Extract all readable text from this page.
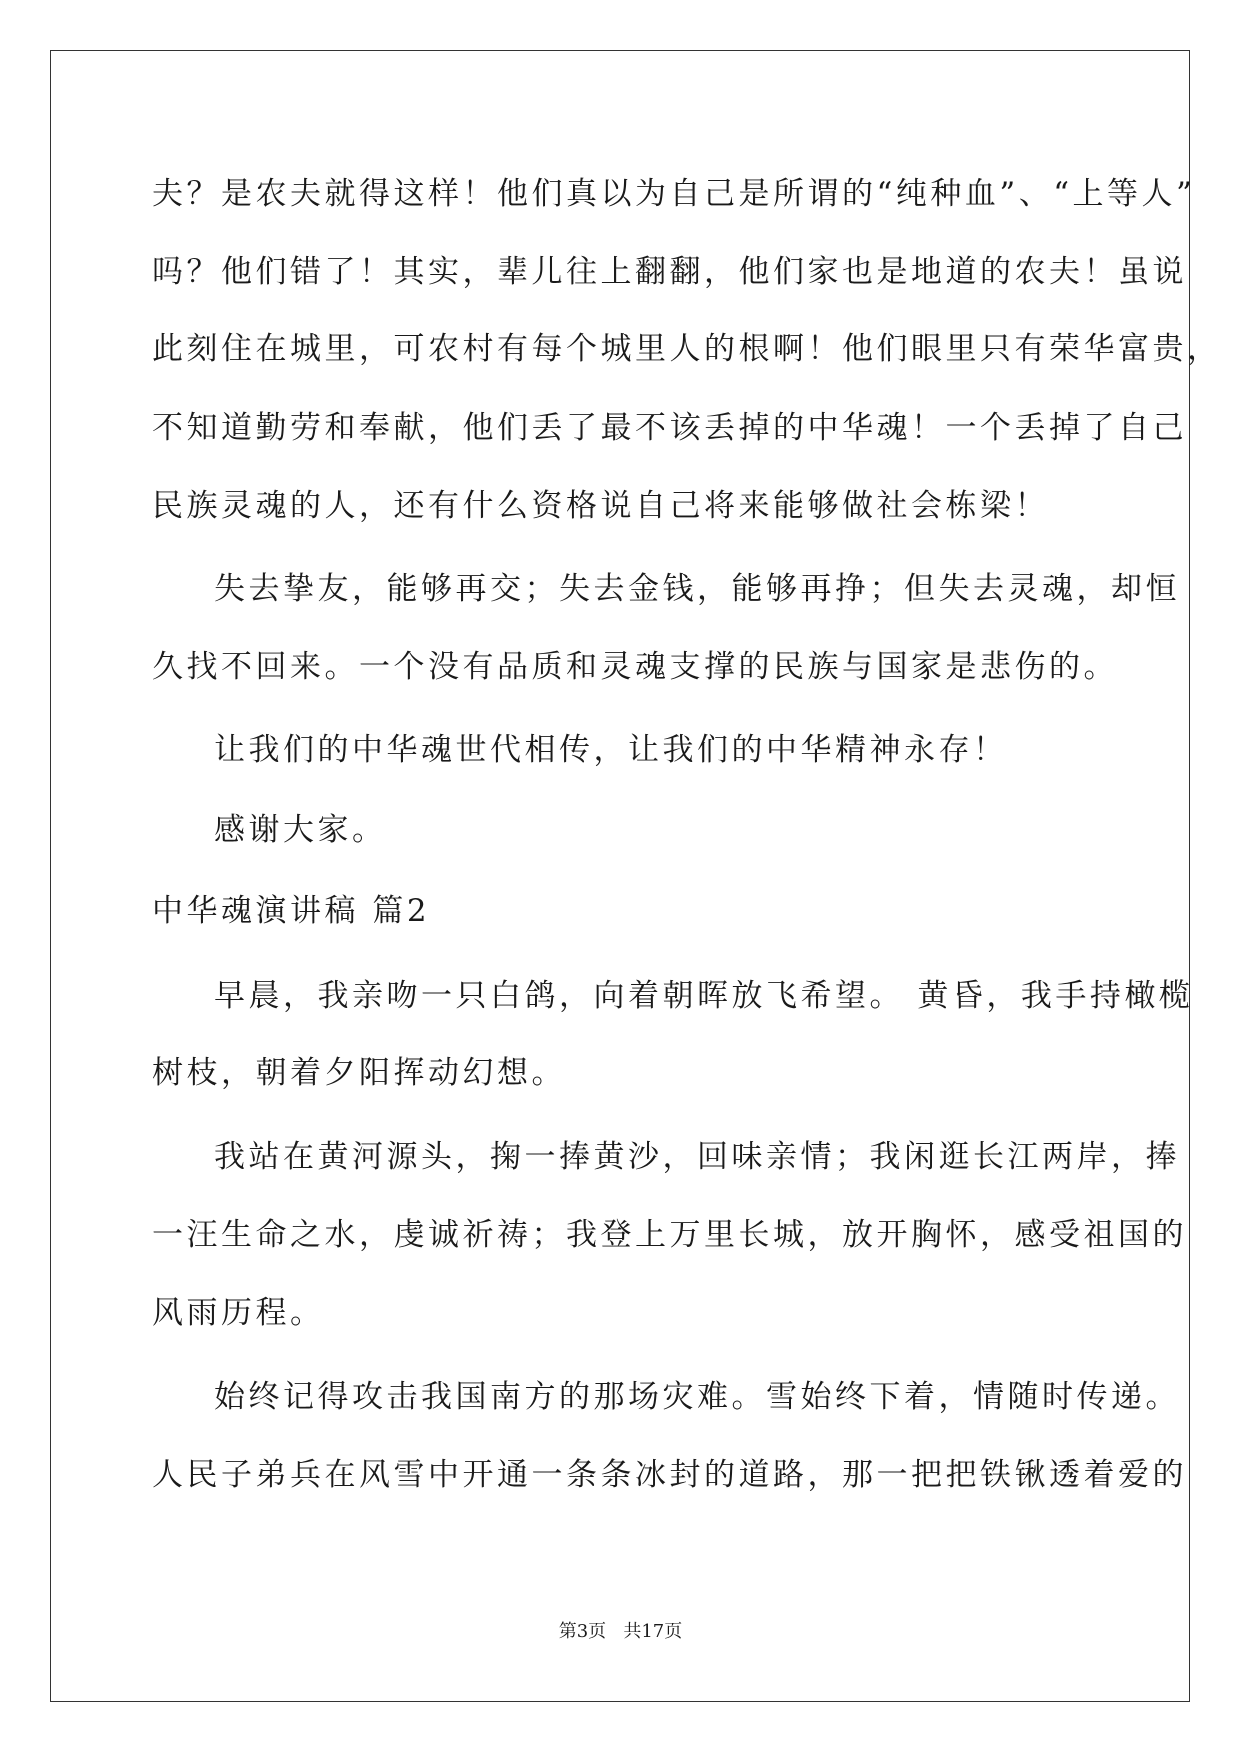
夫？是农夫就得这样！他们真以为自己是所谓的“纯种血”、“上等人”
吗？他们错了！其实，辈儿往上翻翻，他们家也是地道的农夫！虽说
此刻住在城里，可农村有每个城里人的根啊！他们眼里只有荣华富贵，
不知道勤劳和奉献，他们丢了最不该丢掉的中华魂！一个丢掉了自己
民族灵魂的人，还有什么资格说自己将来能够做社会栋梁！
失去挚友，能够再交；失去金钱，能够再挣；但失去灵魂，却恒
久找不回来。一个没有品质和灵魂支撑的民族与国家是悲伤的。
让我们的中华魂世代相传，让我们的中华精神永存！
感谢大家。
中华魂演讲稿 篇2
早晨，我亲吻一只白鸽，向着朝晖放飞希望。 黄昏，我手持橄榄
树枝，朝着夕阳挥动幻想。
我站在黄河源头，掬一捧黄沙，回味亲情；我闲逛长江两岸，捧
一汪生命之水，虔诚祈祷；我登上万里长城，放开胸怀，感受祖国的
风雨历程。
始终记得攻击我国南方的那场灾难。雪始终下着，情随时传递。
人民子弟兵在风雪中开通一条条冰封的道路，那一把把铁锹透着爱的
第3页   共17页
